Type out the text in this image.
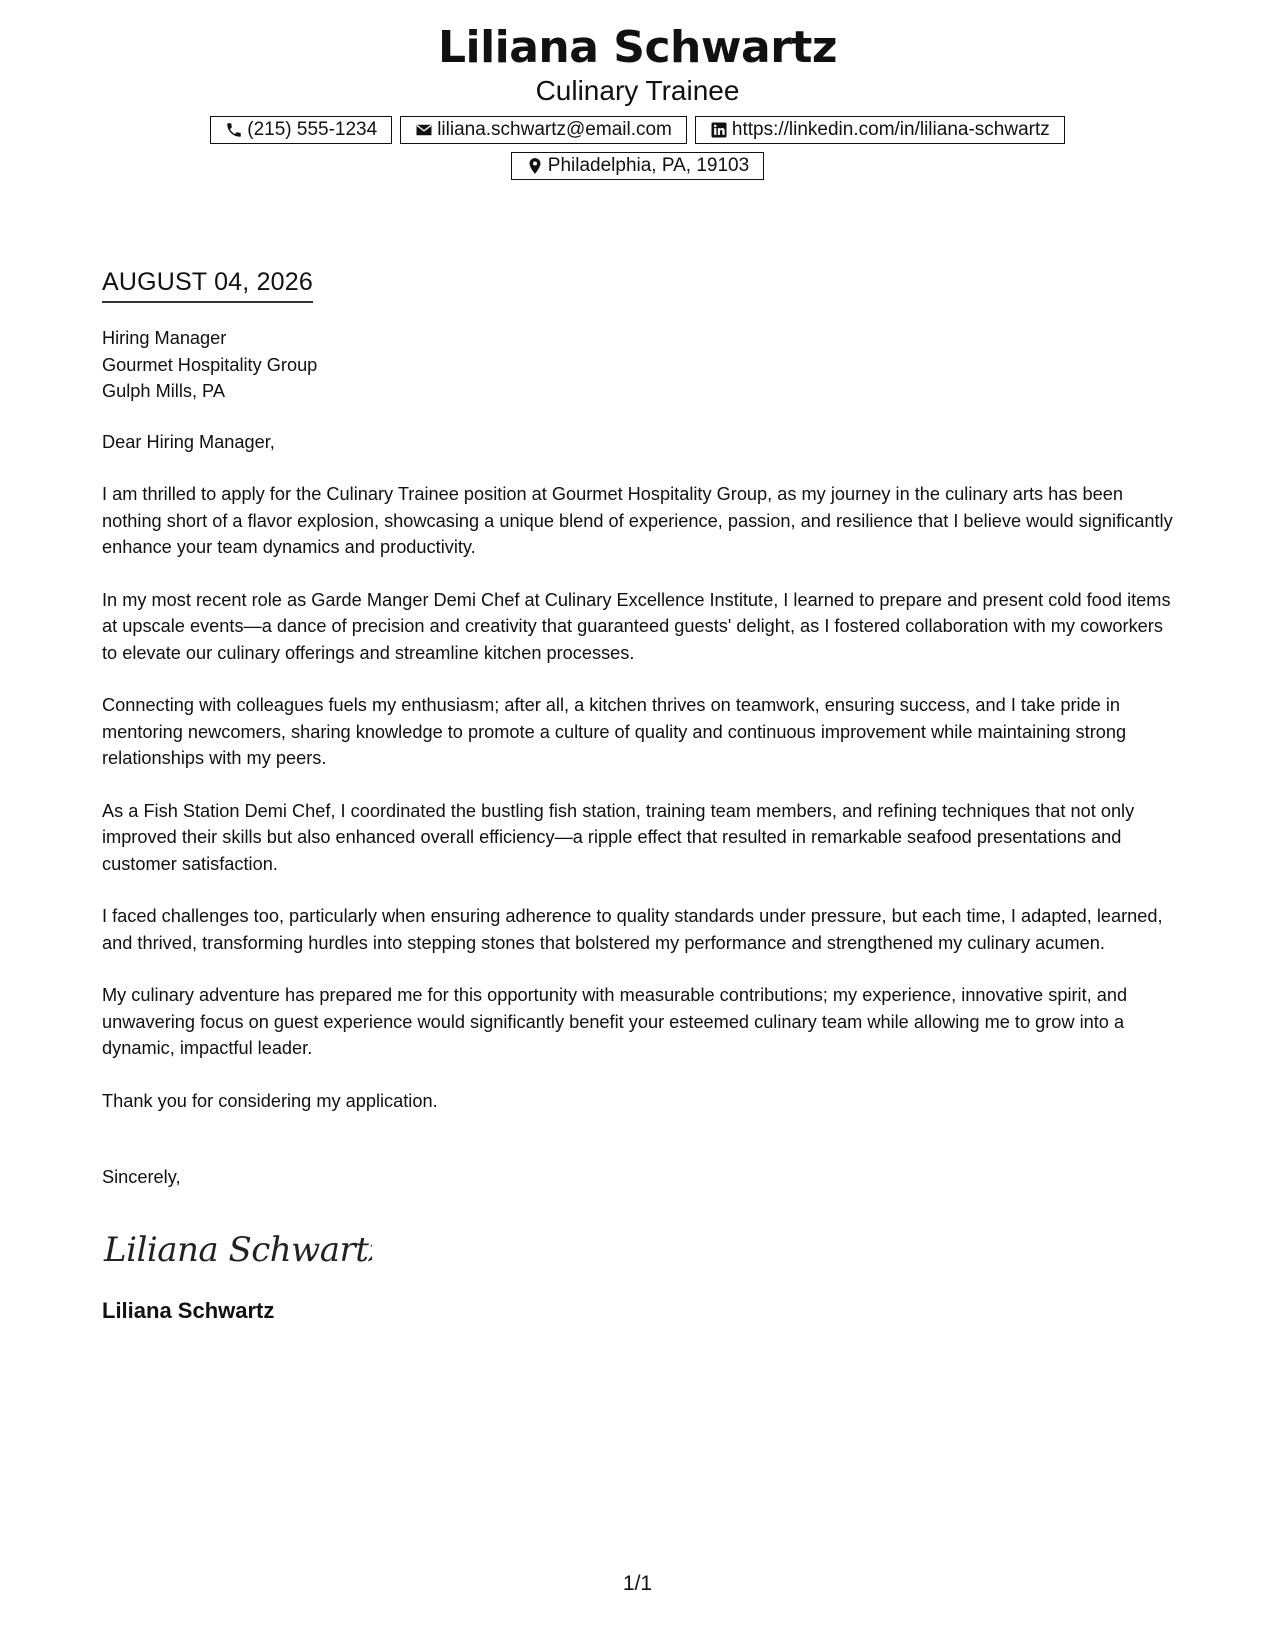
Liliana Schwartz
Culinary Trainee
(215) 555-1234	liliana.schwartz@email.com	https://linkedin.com/in/liliana-schwartz
Philadelphia, PA, 19103
AUGUST 04, 2026
Hiring Manager
Gourmet Hospitality Group
Gulph Mills, PA

Dear Hiring Manager,

I am thrilled to apply for the Culinary Trainee position at Gourmet Hospitality Group, as my journey in the culinary arts has been nothing short of a flavor explosion, showcasing a unique blend of experience, passion, and resilience that I believe would significantly enhance your team dynamics and productivity.

In my most recent role as Garde Manger Demi Chef at Culinary Excellence Institute, I learned to prepare and present cold food items at upscale events—a dance of precision and creativity that guaranteed guests' delight, as I fostered collaboration with my coworkers to elevate our culinary offerings and streamline kitchen processes.

Connecting with colleagues fuels my enthusiasm; after all, a kitchen thrives on teamwork, ensuring success, and I take pride in mentoring newcomers, sharing knowledge to promote a culture of quality and continuous improvement while maintaining strong relationships with my peers.

As a Fish Station Demi Chef, I coordinated the bustling fish station, training team members, and refining techniques that not only improved their skills but also enhanced overall efficiency—a ripple effect that resulted in remarkable seafood presentations and customer satisfaction.

I faced challenges too, particularly when ensuring adherence to quality standards under pressure, but each time, I adapted, learned, and thrived, transforming hurdles into stepping stones that bolstered my performance and strengthened my culinary acumen.

My culinary adventure has prepared me for this opportunity with measurable contributions; my experience, innovative spirit, and unwavering focus on guest experience would significantly benefit your esteemed culinary team while allowing me to grow into a dynamic, impactful leader.

Thank you for considering my application.

Sincerely,
Liliana Schwartz
Liliana Schwartz
1/1
